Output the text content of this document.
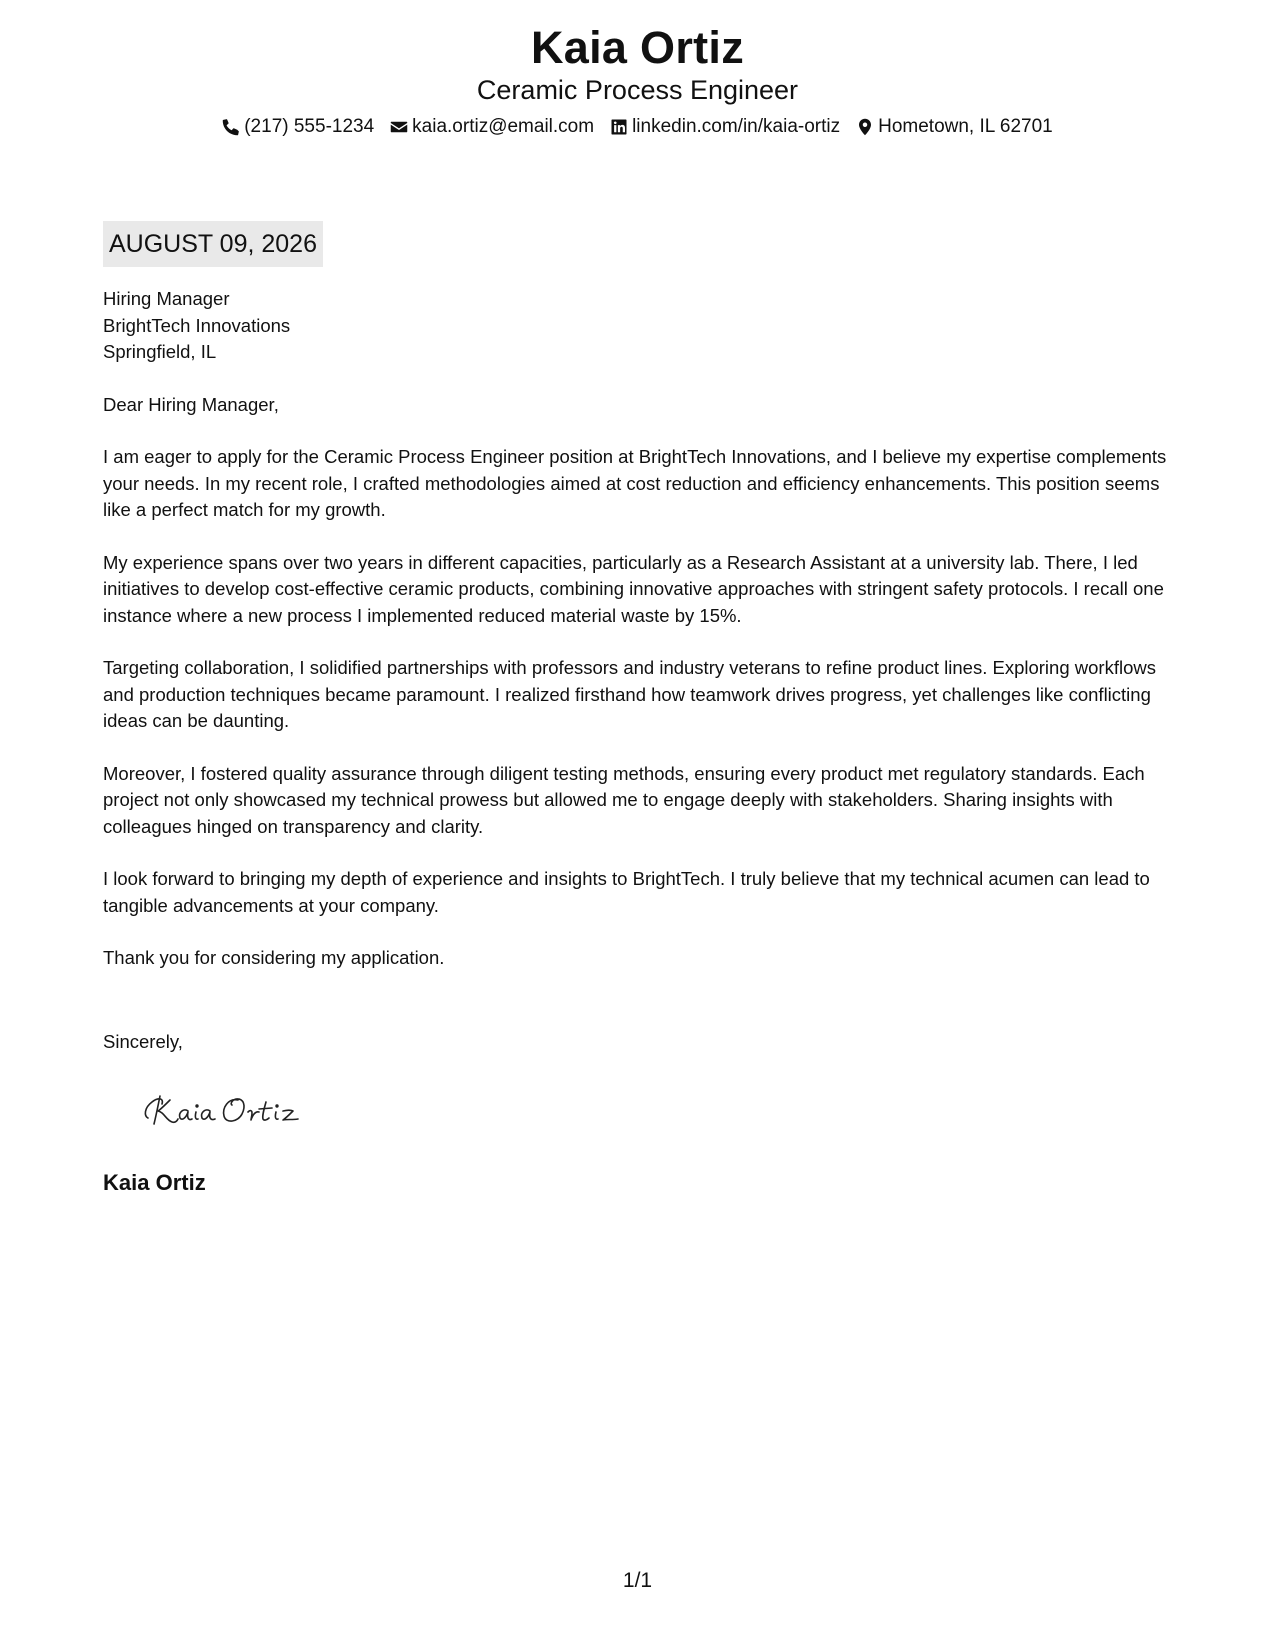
Kaia Ortiz
Ceramic Process Engineer
(217) 555-1234 kaia.ortiz@email.com linkedin.com/in/kaia-ortiz Hometown, IL 62701
AUGUST 09, 2026

Hiring Manager
BrightTech Innovations
Springfield, IL

Dear Hiring Manager,

I am eager to apply for the Ceramic Process Engineer position at BrightTech Innovations, and I believe my expertise complements your needs. In my recent role, I crafted methodologies aimed at cost reduction and efficiency enhancements. This position seems like a perfect match for my growth.

My experience spans over two years in different capacities, particularly as a Research Assistant at a university lab. There, I led initiatives to develop cost-effective ceramic products, combining innovative approaches with stringent safety protocols. I recall one instance where a new process I implemented reduced material waste by 15%.

Targeting collaboration, I solidified partnerships with professors and industry veterans to refine product lines. Exploring workflows and production techniques became paramount. I realized firsthand how teamwork drives progress, yet challenges like conflicting ideas can be daunting.

Moreover, I fostered quality assurance through diligent testing methods, ensuring every product met regulatory standards. Each project not only showcased my technical prowess but allowed me to engage deeply with stakeholders. Sharing insights with colleagues hinged on transparency and clarity.

I look forward to bringing my depth of experience and insights to BrightTech. I truly believe that my technical acumen can lead to tangible advancements at your company.

Thank you for considering my application.

Sincerely,
Kaia Ortiz
1/1
